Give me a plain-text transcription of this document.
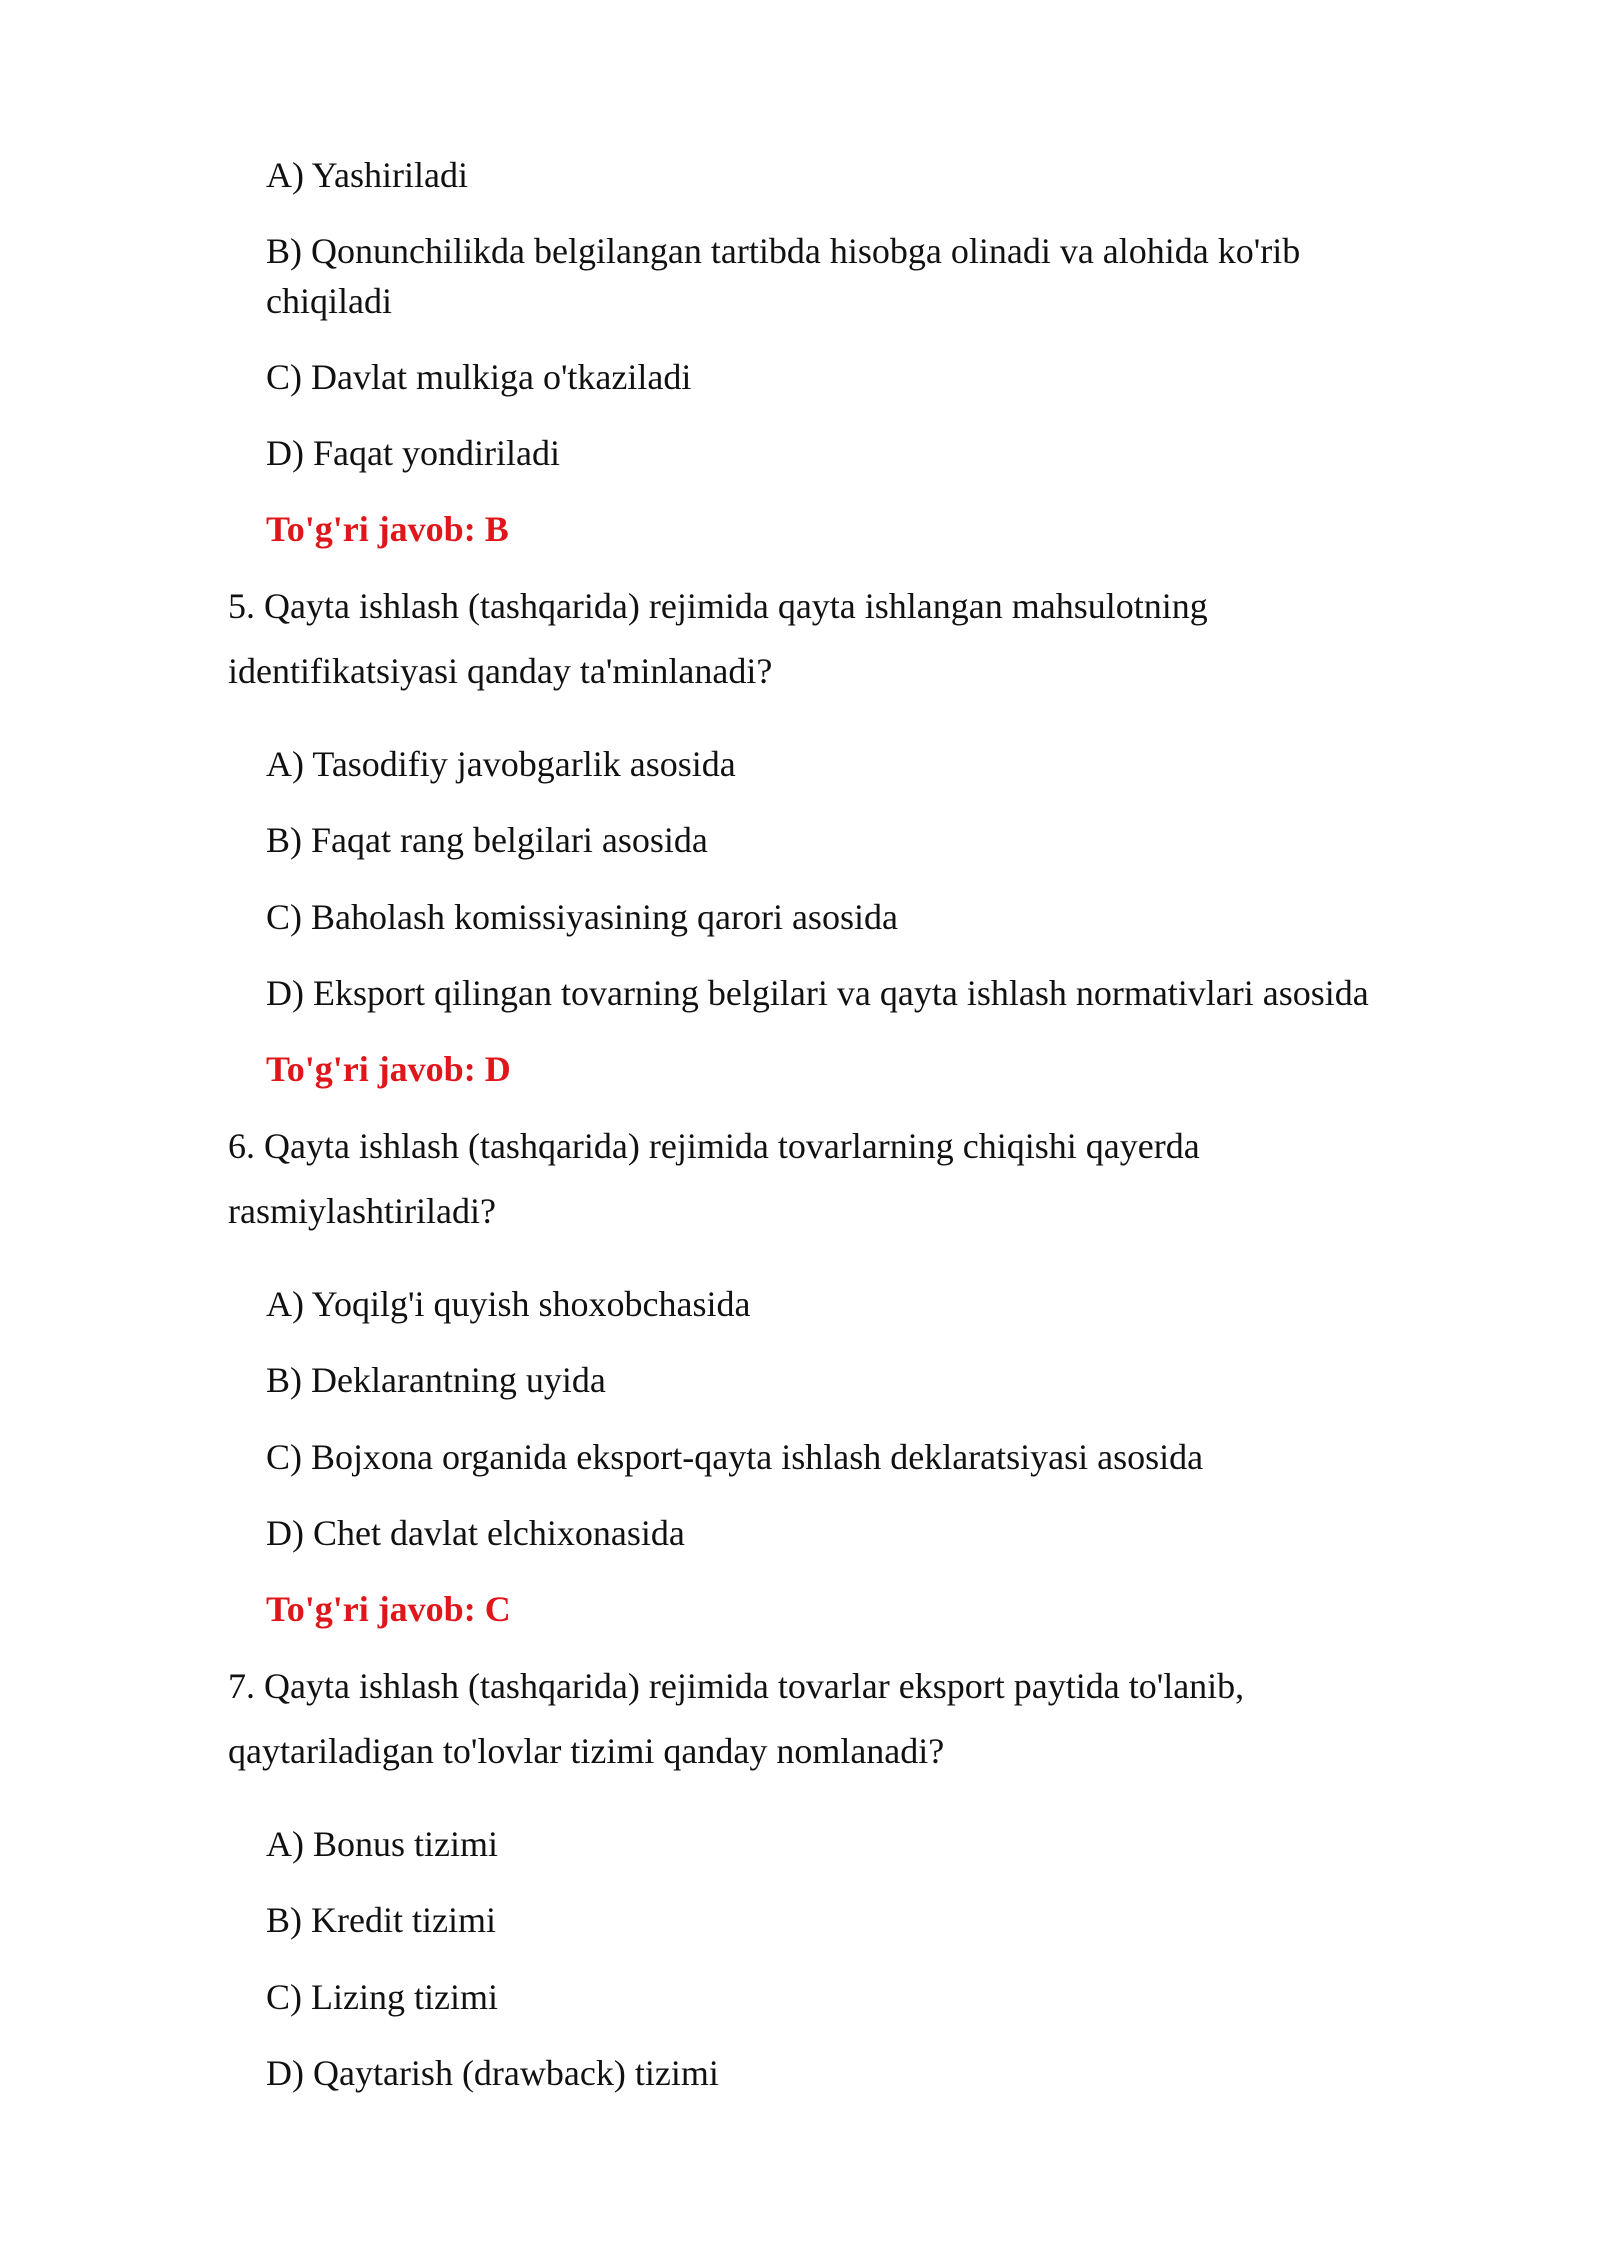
A) Yashiriladi
B) Qonunchilikda belgilangan tartibda hisobga olinadi va alohida ko'rib
chiqiladi
C) Davlat mulkiga o'tkaziladi
D) Faqat yondiriladi
To'g'ri javob: B
5. Qayta ishlash (tashqarida) rejimida qayta ishlangan mahsulotning
identifikatsiyasi qanday ta'minlanadi?
A) Tasodifiy javobgarlik asosida
B) Faqat rang belgilari asosida
C) Baholash komissiyasining qarori asosida
D) Eksport qilingan tovarning belgilari va qayta ishlash normativlari asosida
To'g'ri javob: D
6. Qayta ishlash (tashqarida) rejimida tovarlarning chiqishi qayerda
rasmiylashtiriladi?
A) Yoqilg'i quyish shoxobchasida
B) Deklarantning uyida
C) Bojxona organida eksport-qayta ishlash deklaratsiyasi asosida
D) Chet davlat elchixonasida
To'g'ri javob: C
7. Qayta ishlash (tashqarida) rejimida tovarlar eksport paytida to'lanib,
qaytariladigan to'lovlar tizimi qanday nomlanadi?
A) Bonus tizimi
B) Kredit tizimi
C) Lizing tizimi
D) Qaytarish (drawback) tizimi
